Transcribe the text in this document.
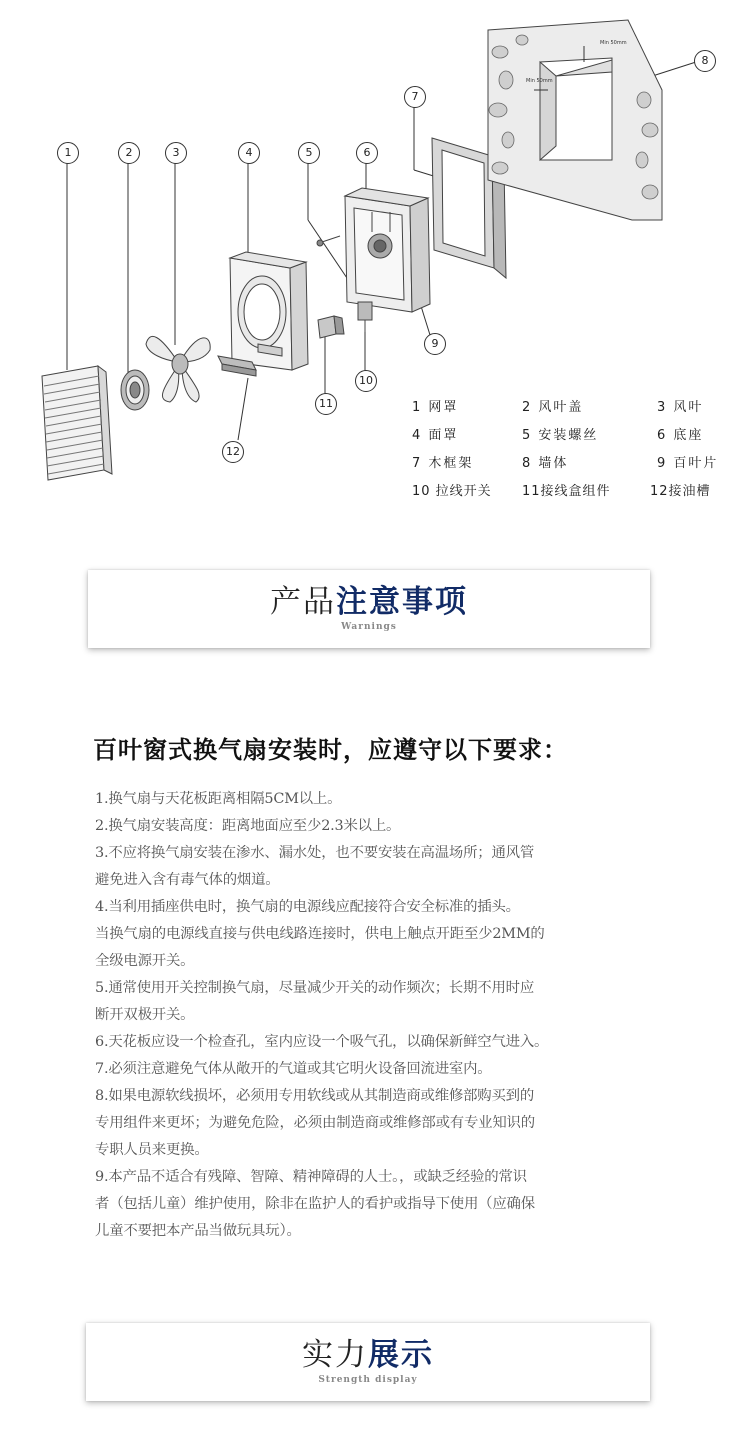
Min 50mm
Min 50mm
1	2	3	4	5	6
7
8
9
10
11
12
1 网罩	2 风叶盖	3 风叶
4 面罩	5 安装螺丝	6 底座
7 木框架	8 墙体	9 百叶片
10 拉线开关 11接线盒组件	12接油槽
产品注意事项
Warnings
百叶窗式换气扇安装时，应遵守以下要求：
1.换气扇与天花板距离相隔5CM以上。
2.换气扇安装高度：距离地面应至少2.3米以上。
3.不应将换气扇安装在渗水、漏水处，也不要安装在高温场所；通风管
避免进入含有毒气体的烟道。
4.当利用插座供电时，换气扇的电源线应配接符合安全标准的插头。
当换气扇的电源线直接与供电线路连接时，供电上触点开距至少2MM的
全级电源开关。
5.通常使用开关控制换气扇，尽量减少开关的动作频次；长期不用时应
断开双极开关。
6.天花板应设一个检查孔，室内应设一个吸气孔，以确保新鲜空气进入。
7.必须注意避免气体从敞开的气道或其它明火设备回流进室内。
8.如果电源软线损坏，必须用专用软线或从其制造商或维修部购买到的
专用组件来更坏；为避免危险，必须由制造商或维修部或有专业知识的
专职人员来更换。
9.本产品不适合有残障、智障、精神障碍的人士。，或缺乏经验的常识
者（包括儿童）维护使用，除非在监护人的看护或指导下使用（应确保
儿童不要把本产品当做玩具玩）。
实力展示
Strength display
